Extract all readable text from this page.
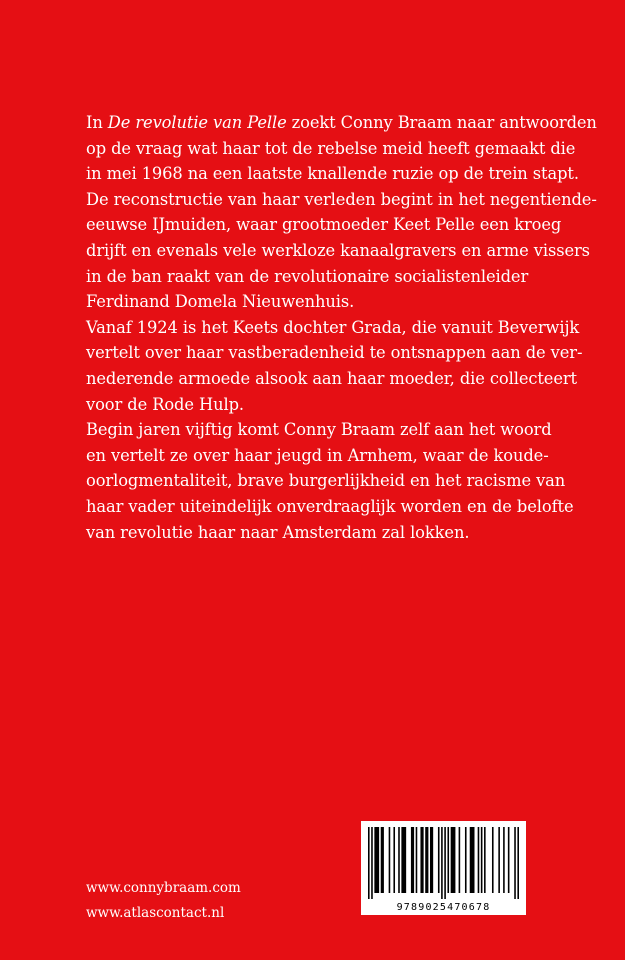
In De revolutie van Pelle zoekt Conny Braam naar antwoorden
op de vraag wat haar tot de rebelse meid heeft gemaakt die
in mei 1968 na een laatste knallende ruzie op de trein stapt.
De reconstructie van haar verleden begint in het negentiende-
eeuwse IJmuiden, waar grootmoeder Keet Pelle een kroeg
drijft en evenals vele werkloze kanaalgravers en arme vissers
in de ban raakt van de revolutionaire socialistenleider
Ferdinand Domela Nieuwenhuis.
Vanaf 1924 is het Keets dochter Grada, die vanuit Beverwijk
vertelt over haar vastberadenheid te ontsnappen aan de ver-
nederende armoede alsook aan haar moeder, die collecteert
voor de Rode Hulp.
Begin jaren vijftig komt Conny Braam zelf aan het woord
en vertelt ze over haar jeugd in Arnhem, waar de koude-
oorlogmentaliteit, brave burgerlijkheid en het racisme van
haar vader uiteindelijk onverdraaglijk worden en de belofte
van revolutie haar naar Amsterdam zal lokken.
www.connybraam.com
www.atlascontact.nl	9789025470678
